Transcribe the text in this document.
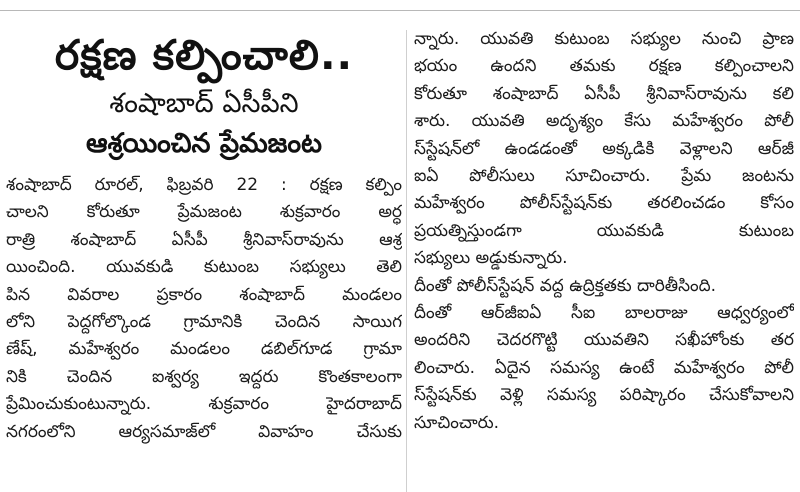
రక్షణ కల్పించాలి..
శంషాబాద్ ఏసీపీని
ఆశ్రయించిన ప్రేమజంట
శంషాబాద్ రూరల్, ఫిబ్రవరి 22 : రక్షణ కల్పిం
చాలని కోరుతూ ప్రేమజంట శుక్రవారం అర్ధ
రాత్రి శంషాబాద్ ఏసీపీ శ్రీనివాస్‌రావును ఆశ్ర
యించింది. యువకుడి కుటుంబ సభ్యులు తెలి
పిన వివరాల ప్రకారం శంషాబాద్ మండలం
లోని పెద్దగోల్కొండ గ్రామానికి చెందిన సాయిగ
ణేష్, మహేశ్వరం మండలం డబిల్‌గూడ గ్రామా
నికి చెందిన ఐశ్వర్య ఇద్దరు కొంతకాలంగా
ప్రేమించుకుంటున్నారు. శుక్రవారం హైదరాబాద్
నగరంలోని ఆర్యసమాజ్‌లో వివాహం చేసుకు
న్నారు. యువతి కుటుంబ సభ్యుల నుంచి ప్రాణ
భయం ఉందని తమకు రక్షణ కల్పించాలని
కోరుతూ శంషాబాద్ ఏసీపీ శ్రీనివాస్‌రావును కలి
శారు. యువతి అదృశ్యం కేసు మహేశ్వరం పోలీ
స్‌స్టేషన్‌లో ఉండడంతో అక్కడికి వెళ్లాలని ఆర్‌జీ
ఐఏ పోలీసులు సూచించారు. ప్రేమ జంటను
మహేశ్వరం పోలీస్‌స్టేషన్‌కు తరలించడం కోసం
ప్రయత్నిస్తుండగా యువకుడి కుటుంబ
సభ్యులు అడ్డుకున్నారు.
దీంతో పోలీస్‌స్టేషన్ వద్ద ఉద్రిక్తతకు దారితీసింది.
దీంతో ఆర్‌జీఐఏ సీఐ బాలరాజు ఆధ్వర్యంలో
అందరిని చెదరగొట్టి యువతిని సఖీహోంకు తర
లించారు. ఏదైన సమస్య ఉంటే మహేశ్వరం పోలీ
స్‌స్టేషన్‌కు వెళ్లి సమస్య పరిష్కారం చేసుకోవాలని
సూచించారు.
